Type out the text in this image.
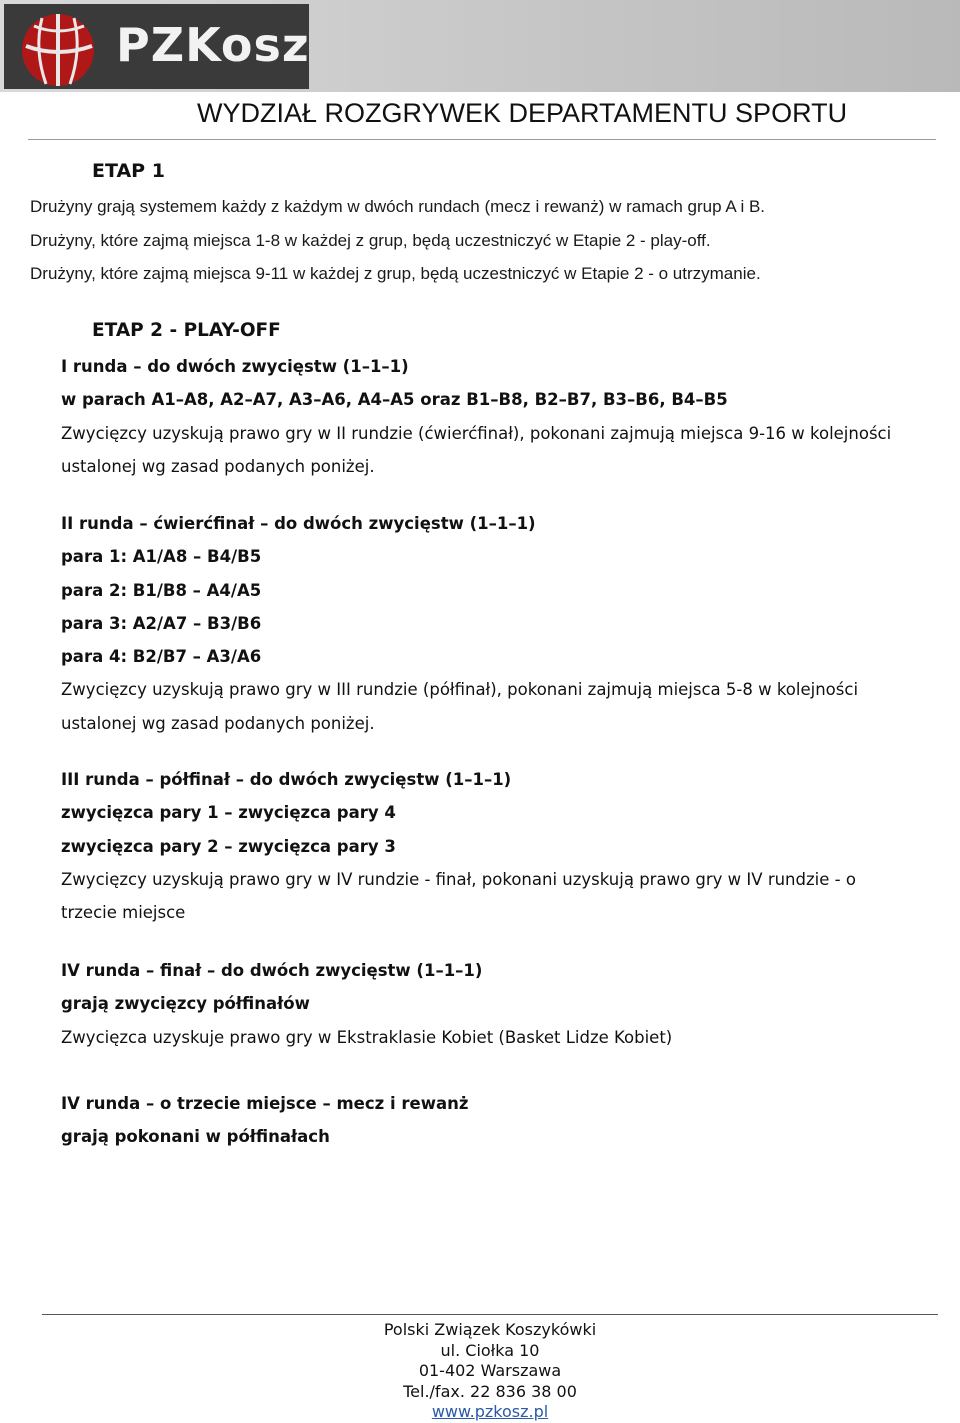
PZKosz
WYDZIAŁ ROZGRYWEK DEPARTAMENTU SPORTU
ETAP 1
Drużyny grają systemem każdy z każdym w dwóch rundach (mecz i rewanż) w ramach grup A i B.
Drużyny, które zajmą miejsca 1-8 w każdej z grup, będą uczestniczyć w Etapie 2 - play-off.
Drużyny, które zajmą miejsca 9-11 w każdej z grup, będą uczestniczyć w Etapie 2 - o utrzymanie.
ETAP 2 - PLAY-OFF
I runda – do dwóch zwycięstw (1–1–1)
w parach A1–A8, A2–A7, A3–A6, A4–A5 oraz B1–B8, B2–B7, B3–B6, B4–B5
Zwycięzcy uzyskują prawo gry w II rundzie (ćwierćfinał), pokonani zajmują miejsca 9-16 w kolejności
ustalonej wg zasad podanych poniżej.
II runda – ćwierćfinał – do dwóch zwycięstw (1–1–1)
para 1: A1/A8 – B4/B5
para 2: B1/B8 – A4/A5
para 3: A2/A7 – B3/B6
para 4: B2/B7 – A3/A6
Zwycięzcy uzyskują prawo gry w III rundzie (półfinał), pokonani zajmują miejsca 5-8 w kolejności
ustalonej wg zasad podanych poniżej.
III runda – półfinał – do dwóch zwycięstw (1–1–1)
zwycięzca pary 1 – zwycięzca pary 4
zwycięzca pary 2 – zwycięzca pary 3
Zwycięzcy uzyskują prawo gry w IV rundzie - finał, pokonani uzyskują prawo gry w IV rundzie - o
trzecie miejsce
IV runda – finał – do dwóch zwycięstw (1–1–1)
grają zwycięzcy półfinałów
Zwycięzca uzyskuje prawo gry w Ekstraklasie Kobiet (Basket Lidze Kobiet)
IV runda – o trzecie miejsce – mecz i rewanż
grają pokonani w półfinałach
Polski Związek Koszykówki
ul. Ciołka 10
01-402 Warszawa
Tel./fax. 22 836 38 00
www.pzkosz.pl
